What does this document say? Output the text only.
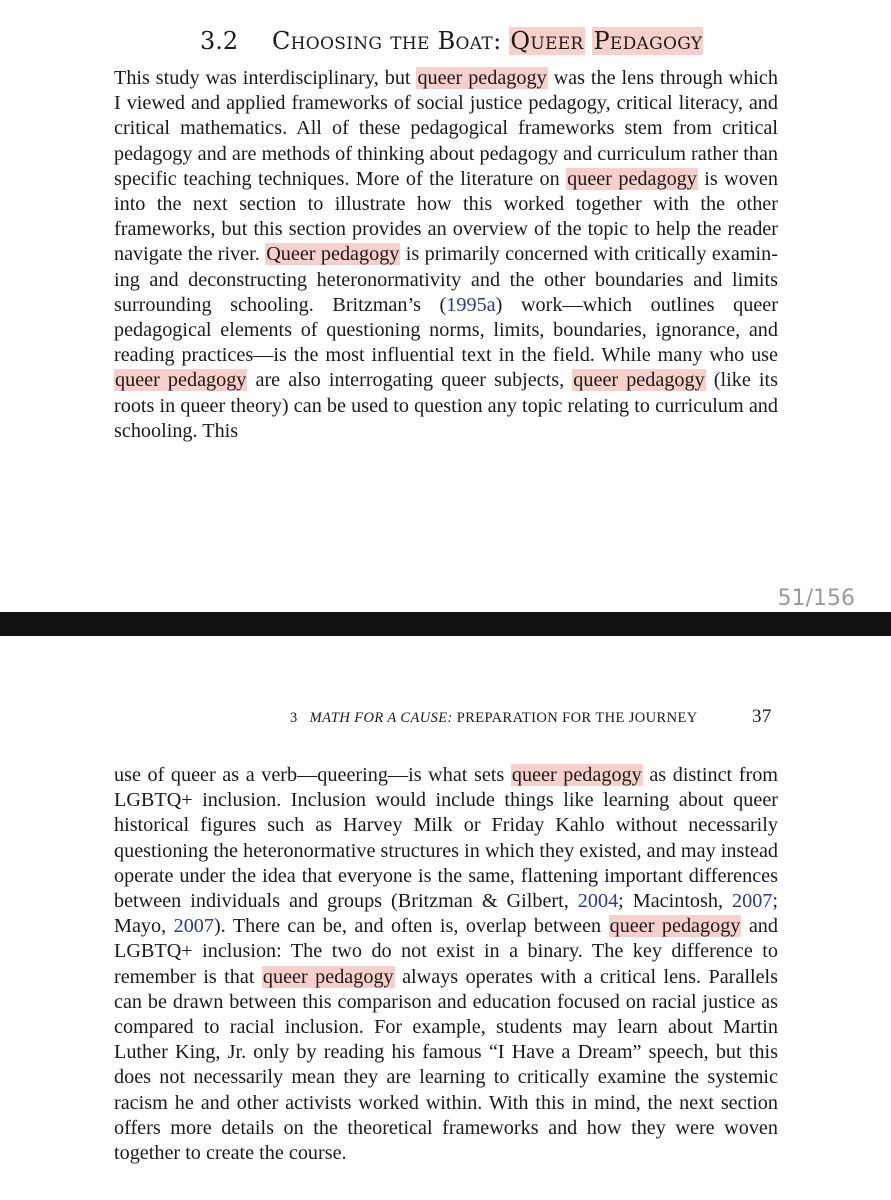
3.2 Choosing the Boat: Queer Pedagogy

This study was interdisciplinary, but queer pedagogy was the lens through which I viewed and applied frameworks of social justice pedagogy, critical literacy, and critical mathematics. All of these pedagogical frameworks stem from critical pedagogy and are methods of thinking about pedagogy and curriculum rather than specific teaching techniques. More of the literature on queer pedagogy is woven into the next section to illustrate how this worked together with the other frameworks, but this section provides an overview of the topic to help the reader navigate the river. Queer pedagogy is primarily concerned with critically examining and deconstructing heteronormativity and the other boundaries and limits surrounding schooling. Britzman’s (1995a) work—which outlines queer pedagogical elements of questioning norms, limits, boundaries, ignorance, and reading practices—is the most influential text in the field. While many who use queer pedagogy are also interrogating queer subjects, queer pedagogy (like its roots in queer theory) can be used to question any topic relating to curriculum and schooling. This

51/156
3 MATH FOR A CAUSE: PREPARATION FOR THE JOURNEY	37

use of queer as a verb—queering—is what sets queer pedagogy as distinct from LGBTQ+ inclusion. Inclusion would include things like learning about queer historical figures such as Harvey Milk or Friday Kahlo without necessarily questioning the heteronormative structures in which they existed, and may instead operate under the idea that everyone is the same, flattening important differences between individuals and groups (Britzman & Gilbert, 2004; Macintosh, 2007; Mayo, 2007). There can be, and often is, overlap between queer pedagogy and LGBTQ+ inclusion: The two do not exist in a binary. The key difference to remember is that queer pedagogy always operates with a critical lens. Parallels can be drawn between this comparison and education focused on racial justice as compared to racial inclusion. For example, students may learn about Martin Luther King, Jr. only by reading his famous “I Have a Dream” speech, but this does not necessarily mean they are learning to critically examine the systemic racism he and other activists worked within. With this in mind, the next section offers more details on the theoretical frameworks and how they were woven together to create the course.
